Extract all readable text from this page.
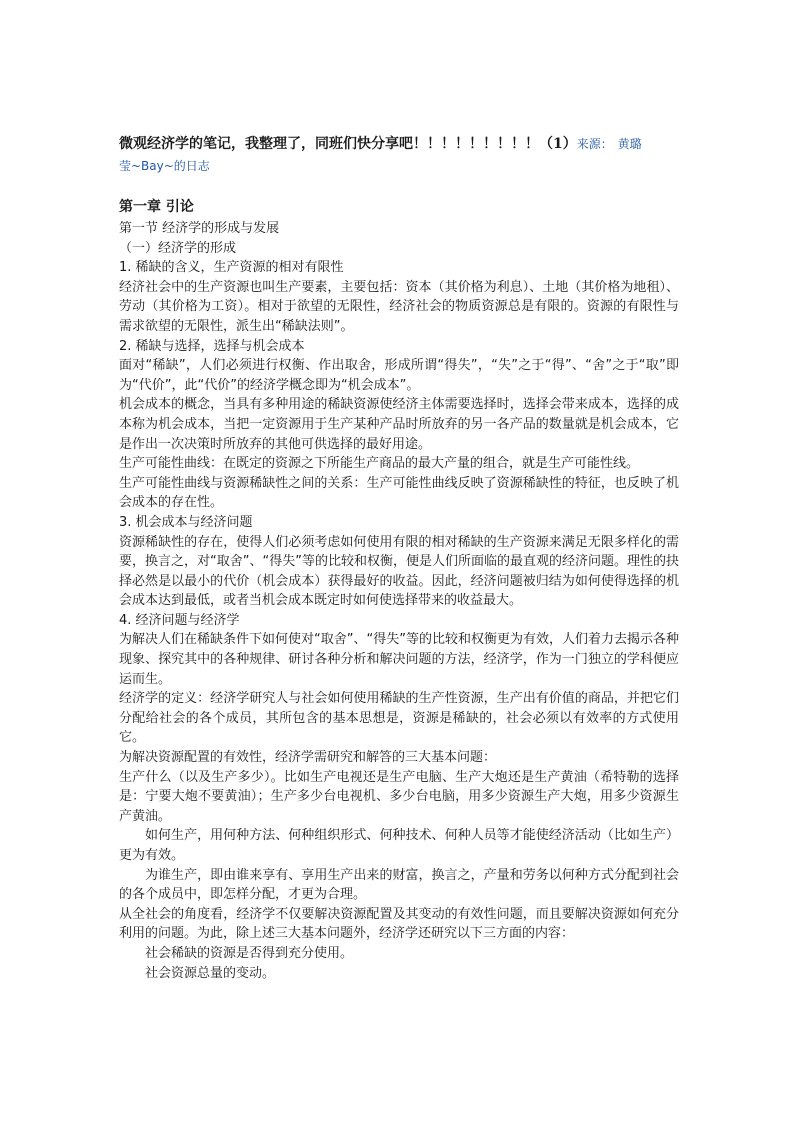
微观经济学的笔记，我整理了，同班们快分享吧！！！！！！！！！（1）来源： 黄璐
莹~Bay~的日志

第一章 引论

第一节 经济学的形成与发展

（一）经济学的形成

1. 稀缺的含义，生产资源的相对有限性

经济社会中的生产资源也叫生产要素，主要包括：资本（其价格为利息）、土地（其价格为地租）、劳动（其价格为工资）。相对于欲望的无限性，经济社会的物质资源总是有限的。资源的有限性与需求欲望的无限性，派生出“稀缺法则”。

2. 稀缺与选择，选择与机会成本

面对“稀缺”，人们必须进行权衡、作出取舍，形成所谓“得失”，“失”之于“得”、“舍”之于“取”即为“代价”，此“代价”的经济学概念即为“机会成本”。

机会成本的概念，当具有多种用途的稀缺资源使经济主体需要选择时，选择会带来成本，选择的成本称为机会成本，当把一定资源用于生产某种产品时所放弃的另一各产品的数量就是机会成本，它是作出一次决策时所放弃的其他可供选择的最好用途。

生产可能性曲线：在既定的资源之下所能生产商品的最大产量的组合，就是生产可能性线。

生产可能性曲线与资源稀缺性之间的关系：生产可能性曲线反映了资源稀缺性的特征，也反映了机会成本的存在性。

3. 机会成本与经济问题

资源稀缺性的存在，使得人们必须考虑如何使用有限的相对稀缺的生产资源来满足无限多样化的需要，换言之，对“取舍”、“得失”等的比较和权衡，便是人们所面临的最直观的经济问题。理性的抉择必然是以最小的代价（机会成本）获得最好的收益。因此，经济问题被归结为如何使得选择的机会成本达到最低，或者当机会成本既定时如何使选择带来的收益最大。

4. 经济问题与经济学

为解决人们在稀缺条件下如何使对“取舍”、“得失”等的比较和权衡更为有效，人们着力去揭示各种现象、探究其中的各种规律、研讨各种分析和解决问题的方法，经济学，作为一门独立的学科便应运而生。

经济学的定义：经济学研究人与社会如何使用稀缺的生产性资源，生产出有价值的商品，并把它们分配给社会的各个成员，其所包含的基本思想是，资源是稀缺的，社会必须以有效率的方式使用它。

为解决资源配置的有效性，经济学需研究和解答的三大基本问题：

生产什么（以及生产多少）。比如生产电视还是生产电脑、生产大炮还是生产黄油（希特勒的选择是：宁要大炮不要黄油）；生产多少台电视机、多少台电脑，用多少资源生产大炮，用多少资源生产黄油。

如何生产，用何种方法、何种组织形式、何种技术、何种人员等才能使经济活动（比如生产）更为有效。

为谁生产，即由谁来享有、享用生产出来的财富，换言之，产量和劳务以何种方式分配到社会的各个成员中，即怎样分配，才更为合理。

从全社会的角度看，经济学不仅要解决资源配置及其变动的有效性问题，而且要解决资源如何充分利用的问题。为此，除上述三大基本问题外，经济学还研究以下三方面的内容：

社会稀缺的资源是否得到充分使用。

社会资源总量的变动。
